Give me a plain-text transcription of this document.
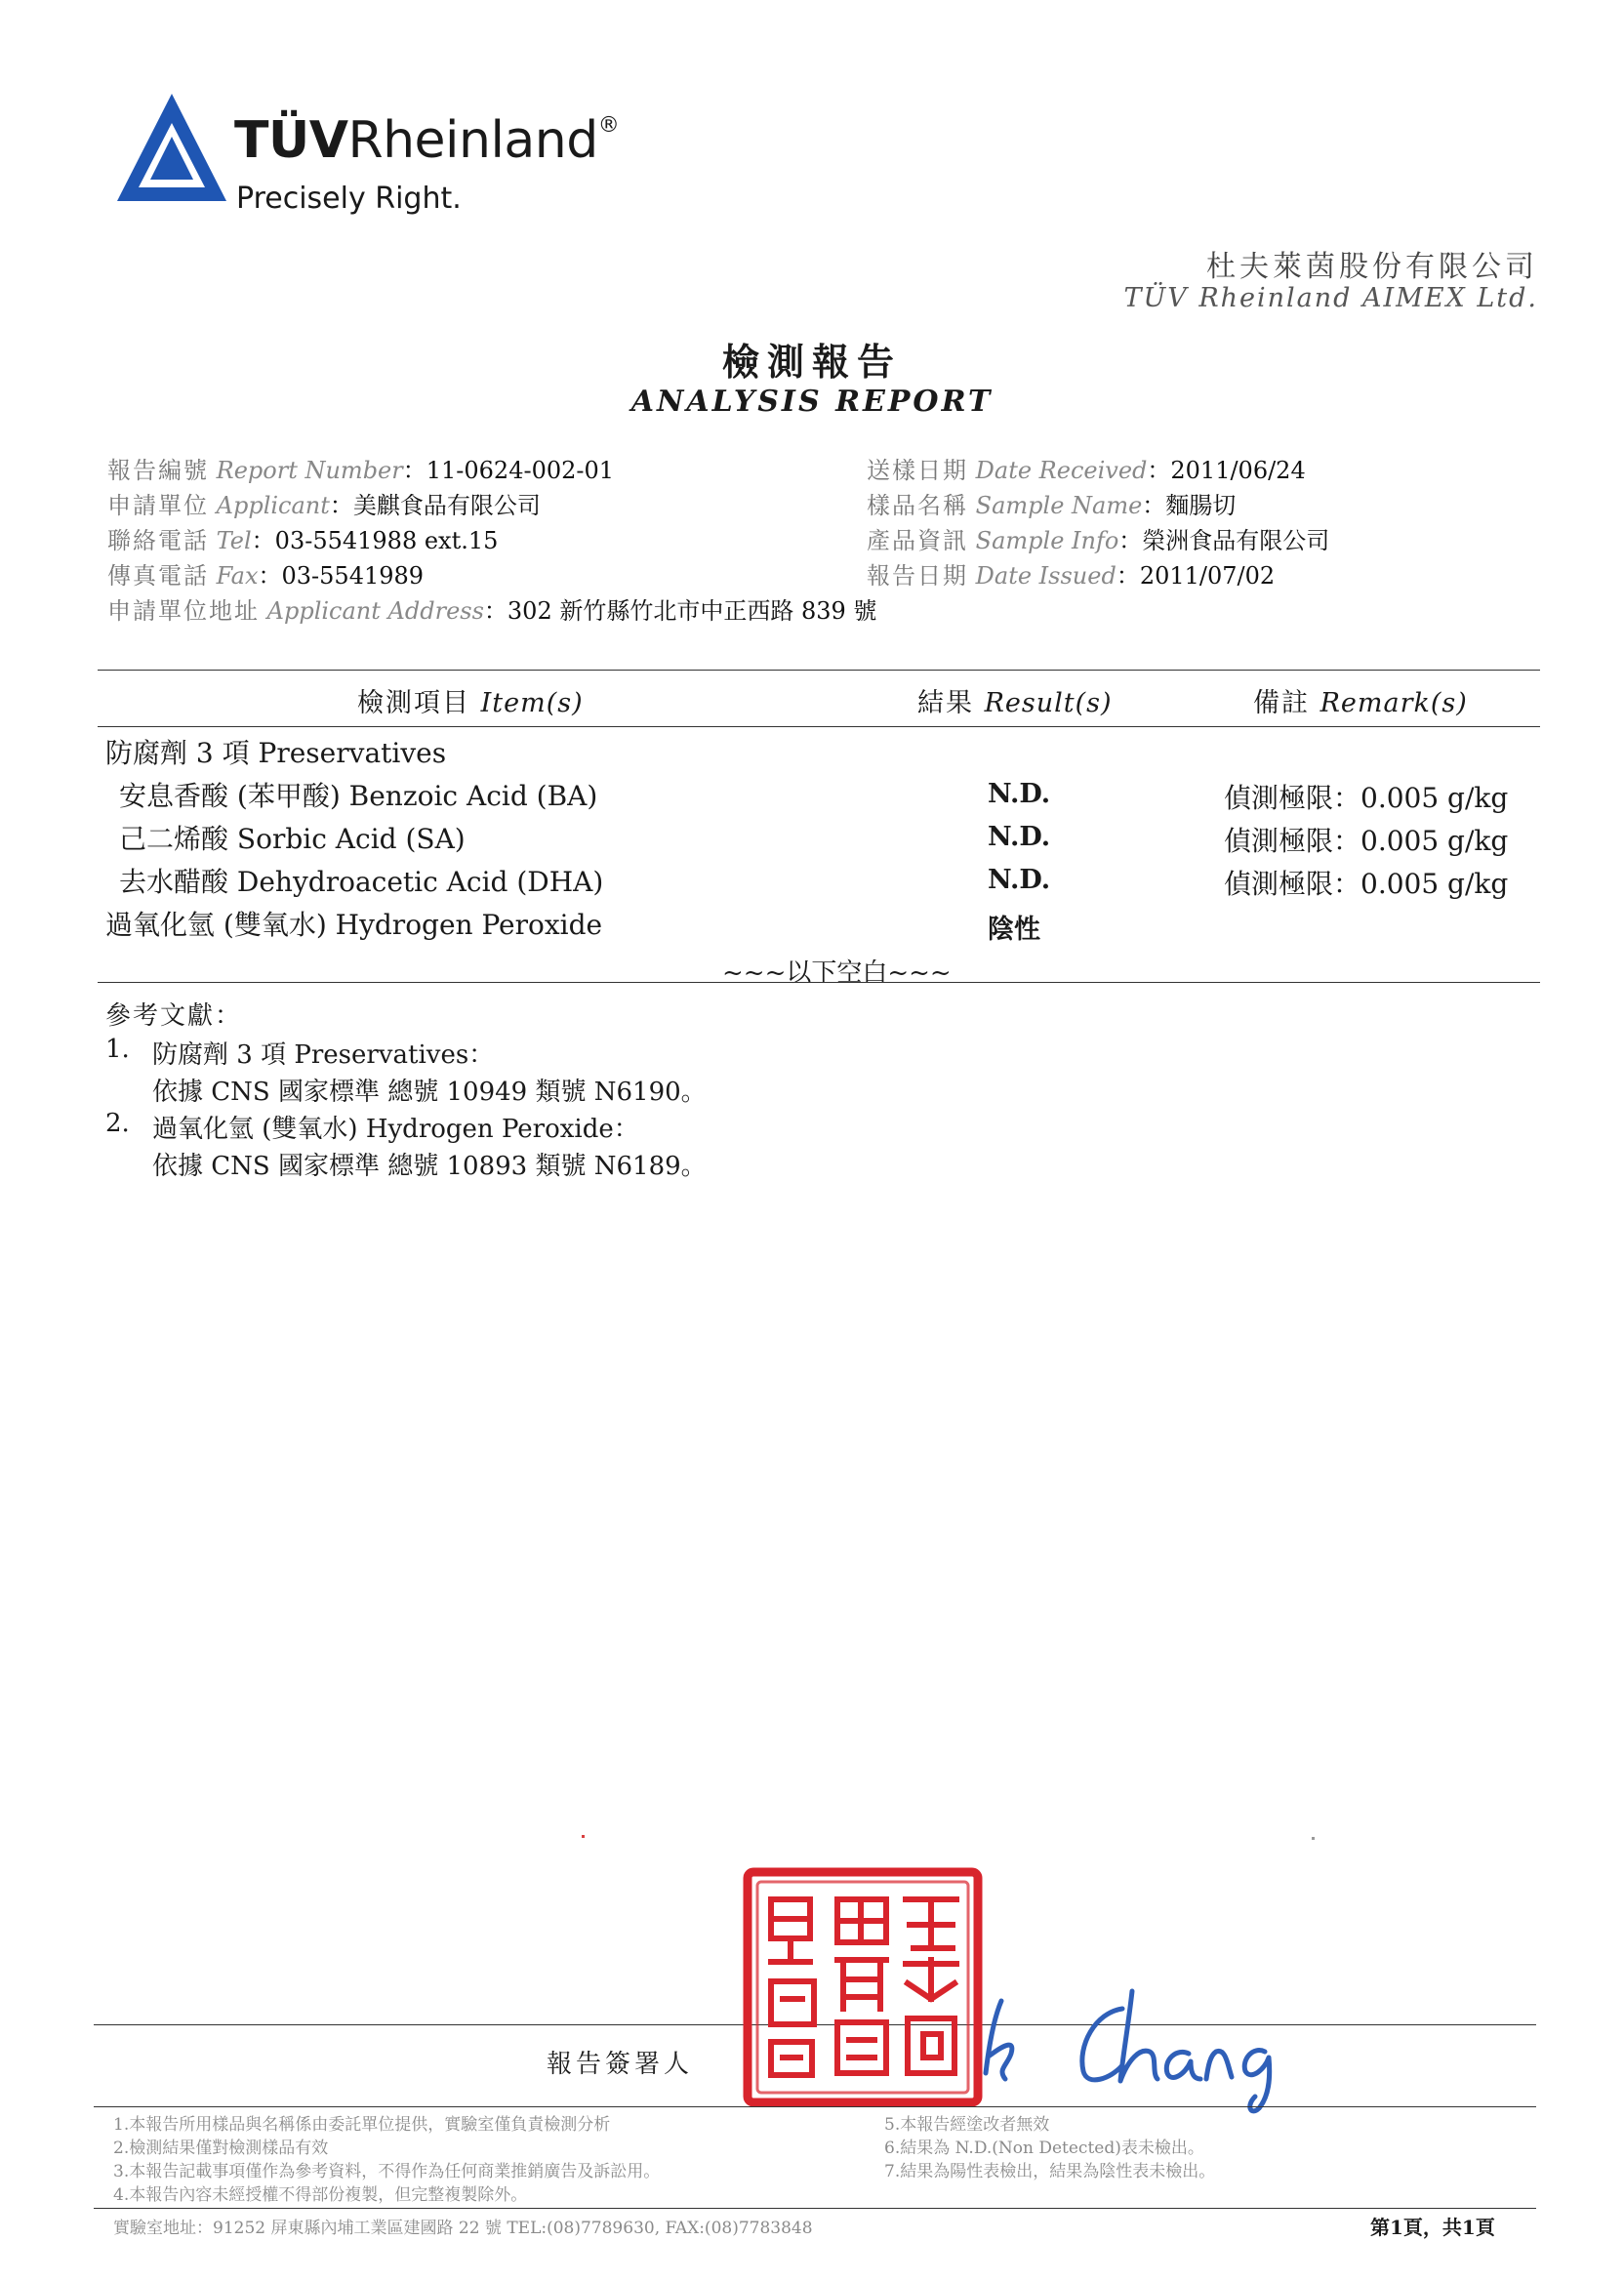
TÜVRheinland®
Precisely Right.
杜夫萊茵股份有限公司
TÜV Rheinland AIMEX Ltd.
檢測報告
ANALYSIS REPORT
報告編號 Report Number：11-0624-002-01
申請單位 Applicant：美麒食品有限公司
聯絡電話 Tel：03-5541988 ext.15
傳真電話 Fax：03-5541989
申請單位地址 Applicant Address：302 新竹縣竹北市中正西路 839 號
送樣日期 Date Received：2011/06/24
樣品名稱 Sample Name：麵腸切
產品資訊 Sample Info：榮洲食品有限公司
報告日期 Date Issued：2011/07/02
檢測項目 Item(s)	結果 Result(s)	備註 Remark(s)
防腐劑 3 項 Preservatives
安息香酸 (苯甲酸) Benzoic Acid (BA)	N.D.	偵測極限：0.005 g/kg
己二烯酸 Sorbic Acid (SA)	N.D.	偵測極限：0.005 g/kg
去水醋酸 Dehydroacetic Acid (DHA)	N.D.	偵測極限：0.005 g/kg
過氧化氫 (雙氧水) Hydrogen Peroxide	陰性
~~~以下空白~~~
參考文獻：
1. 防腐劑 3 項 Preservatives：
依據 CNS 國家標準 總號 10949 類號 N6190。
2. 過氧化氫 (雙氧水) Hydrogen Peroxide：
依據 CNS 國家標準 總號 10893 類號 N6189。
報告簽署人
1.本報告所用樣品與名稱係由委託單位提供，實驗室僅負責檢測分析
2.檢測結果僅對檢測樣品有效
3.本報告記載事項僅作為參考資料，不得作為任何商業推銷廣告及訴訟用。
4.本報告內容未經授權不得部份複製，但完整複製除外。
5.本報告經塗改者無效
6.結果為 N.D.(Non Detected)表未檢出。
7.結果為陽性表檢出，結果為陰性表未檢出。
實驗室地址：91252 屏東縣內埔工業區建國路 22 號 TEL:(08)7789630, FAX:(08)7783848	第1頁，共1頁
